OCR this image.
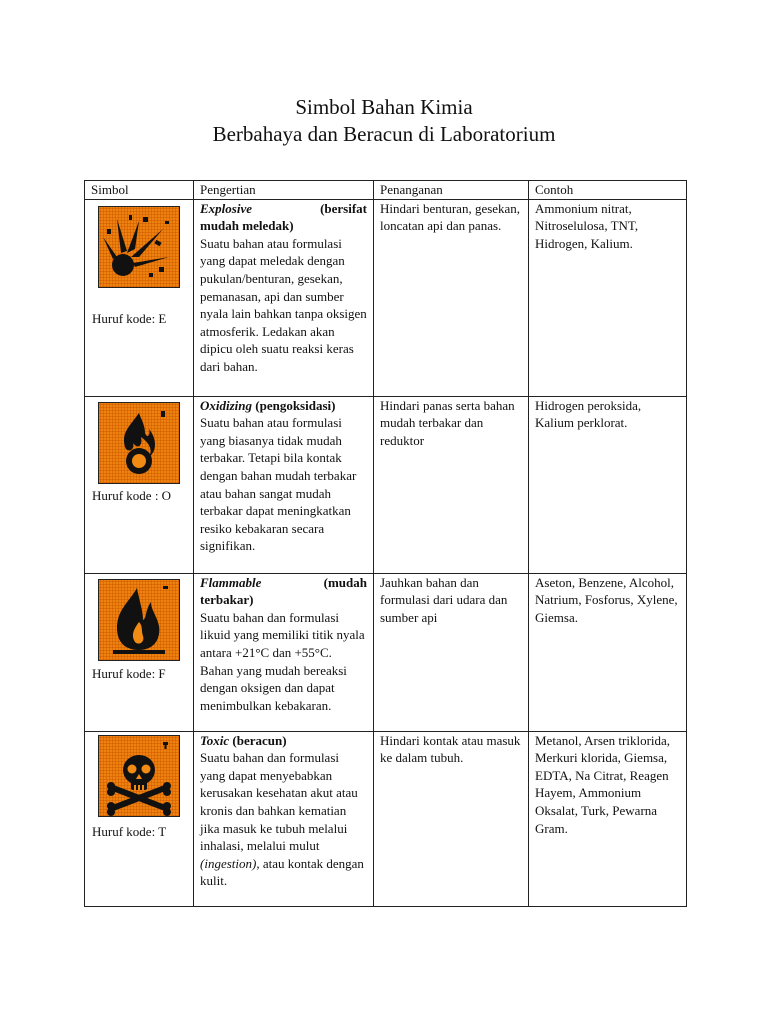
Simbol Bahan Kimia
Berbahaya dan Beracun di Laboratorium
Simbol	Pengertian	Penanganan	Contoh

Huruf kode: E	Explosive (bersifat
mudah meledak)
Suatu bahan atau formulasi yang dapat meledak dengan pukulan/benturan, gesekan, pemanasan, api dan sumber nyala lain bahkan tanpa oksigen atmosferik. Ledakan akan dipicu oleh suatu reaksi keras dari bahan.	Hindari benturan, gesekan, loncatan api dan panas.	Ammonium nitrat, Nitroselulosa, TNT, Hidrogen, Kalium.

Huruf kode : O	Oxidizing (pengoksidasi)
Suatu bahan atau formulasi yang biasanya tidak mudah terbakar. Tetapi bila kontak dengan bahan mudah terbakar atau bahan sangat mudah terbakar dapat meningkatkan resiko kebakaran secara signifikan.	Hindari panas serta bahan mudah terbakar dan reduktor	Hidrogen peroksida, Kalium perklorat.

Huruf kode: F	Flammable (mudah
terbakar)
Suatu bahan dan formulasi likuid yang memiliki titik nyala antara +21°C dan +55°C. Bahan yang mudah bereaksi dengan oksigen dan dapat menimbulkan kebakaran.	Jauhkan bahan dan formulasi dari udara dan sumber api	Aseton, Benzene, Alcohol, Natrium, Fosforus, Xylene, Giemsa.

Huruf kode: T	Toxic (beracun)
Suatu bahan dan formulasi yang dapat menyebabkan kerusakan kesehatan akut atau kronis dan bahkan kematian jika masuk ke tubuh melalui inhalasi, melalui mulut (ingestion), atau kontak dengan kulit.	Hindari kontak atau masuk ke dalam tubuh.	Metanol, Arsen triklorida, Merkuri klorida, Giemsa, EDTA, Na Citrat, Reagen Hayem, Ammonium Oksalat, Turk, Pewarna Gram.
